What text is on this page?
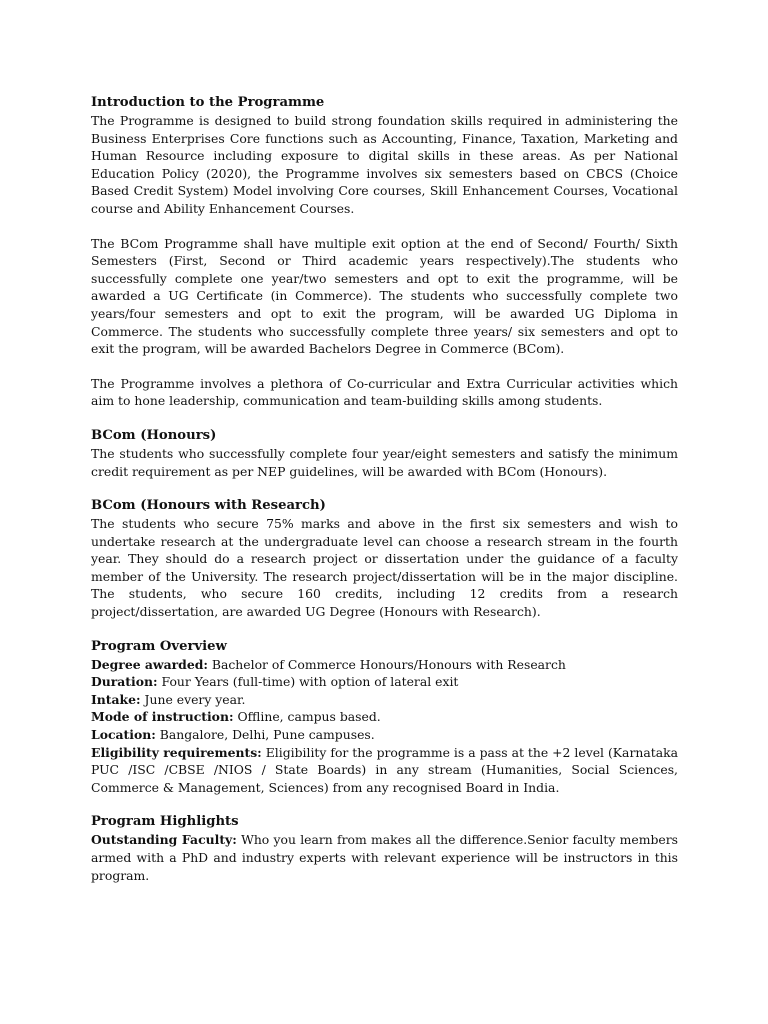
Introduction to the Programme

The Programme is designed to build strong foundation skills required in administering the Business Enterprises Core functions such as Accounting, Finance, Taxation, Marketing and Human Resource including exposure to digital skills in these areas. As per National Education Policy (2020), the Programme involves six semesters based on CBCS (Choice Based Credit System) Model involving Core courses, Skill Enhancement Courses, Vocational course and Ability Enhancement Courses.

The BCom Programme shall have multiple exit option at the end of Second/ Fourth/ Sixth Semesters (First, Second or Third academic years respectively).The students who successfully complete one year/two semesters and opt to exit the programme, will be awarded a UG Certificate (in Commerce). The students who successfully complete two years/four semesters and opt to exit the program, will be awarded UG Diploma in Commerce. The students who successfully complete three years/ six semesters and opt to exit the program, will be awarded Bachelors Degree in Commerce (BCom).

The Programme involves a plethora of Co-curricular and Extra Curricular activities which aim to hone leadership, communication and team-building skills among students.

BCom (Honours)

The students who successfully complete four year/eight semesters and satisfy the minimum credit requirement as per NEP guidelines, will be awarded with BCom (Honours).

BCom (Honours with Research)

The students who secure 75% marks and above in the first six semesters and wish to undertake research at the undergraduate level can choose a research stream in the fourth year. They should do a research project or dissertation under the guidance of a faculty member of the University. The research project/dissertation will be in the major discipline. The students, who secure 160 credits, including 12 credits from a research project/dissertation, are awarded UG Degree (Honours with Research).

Program Overview

Degree awarded: Bachelor of Commerce Honours/Honours with Research

Duration: Four Years (full-time) with option of lateral exit

Intake: June every year.

Mode of instruction: Offline, campus based.

Location: Bangalore, Delhi, Pune campuses.

Eligibility requirements: Eligibility for the programme is a pass at the +2 level (Karnataka PUC /ISC /CBSE /NIOS / State Boards) in any stream (Humanities, Social Sciences, Commerce & Management, Sciences) from any recognised Board in India.

Program Highlights

Outstanding Faculty: Who you learn from makes all the difference.Senior faculty members armed with a PhD and industry experts with relevant experience will be instructors in this program.
